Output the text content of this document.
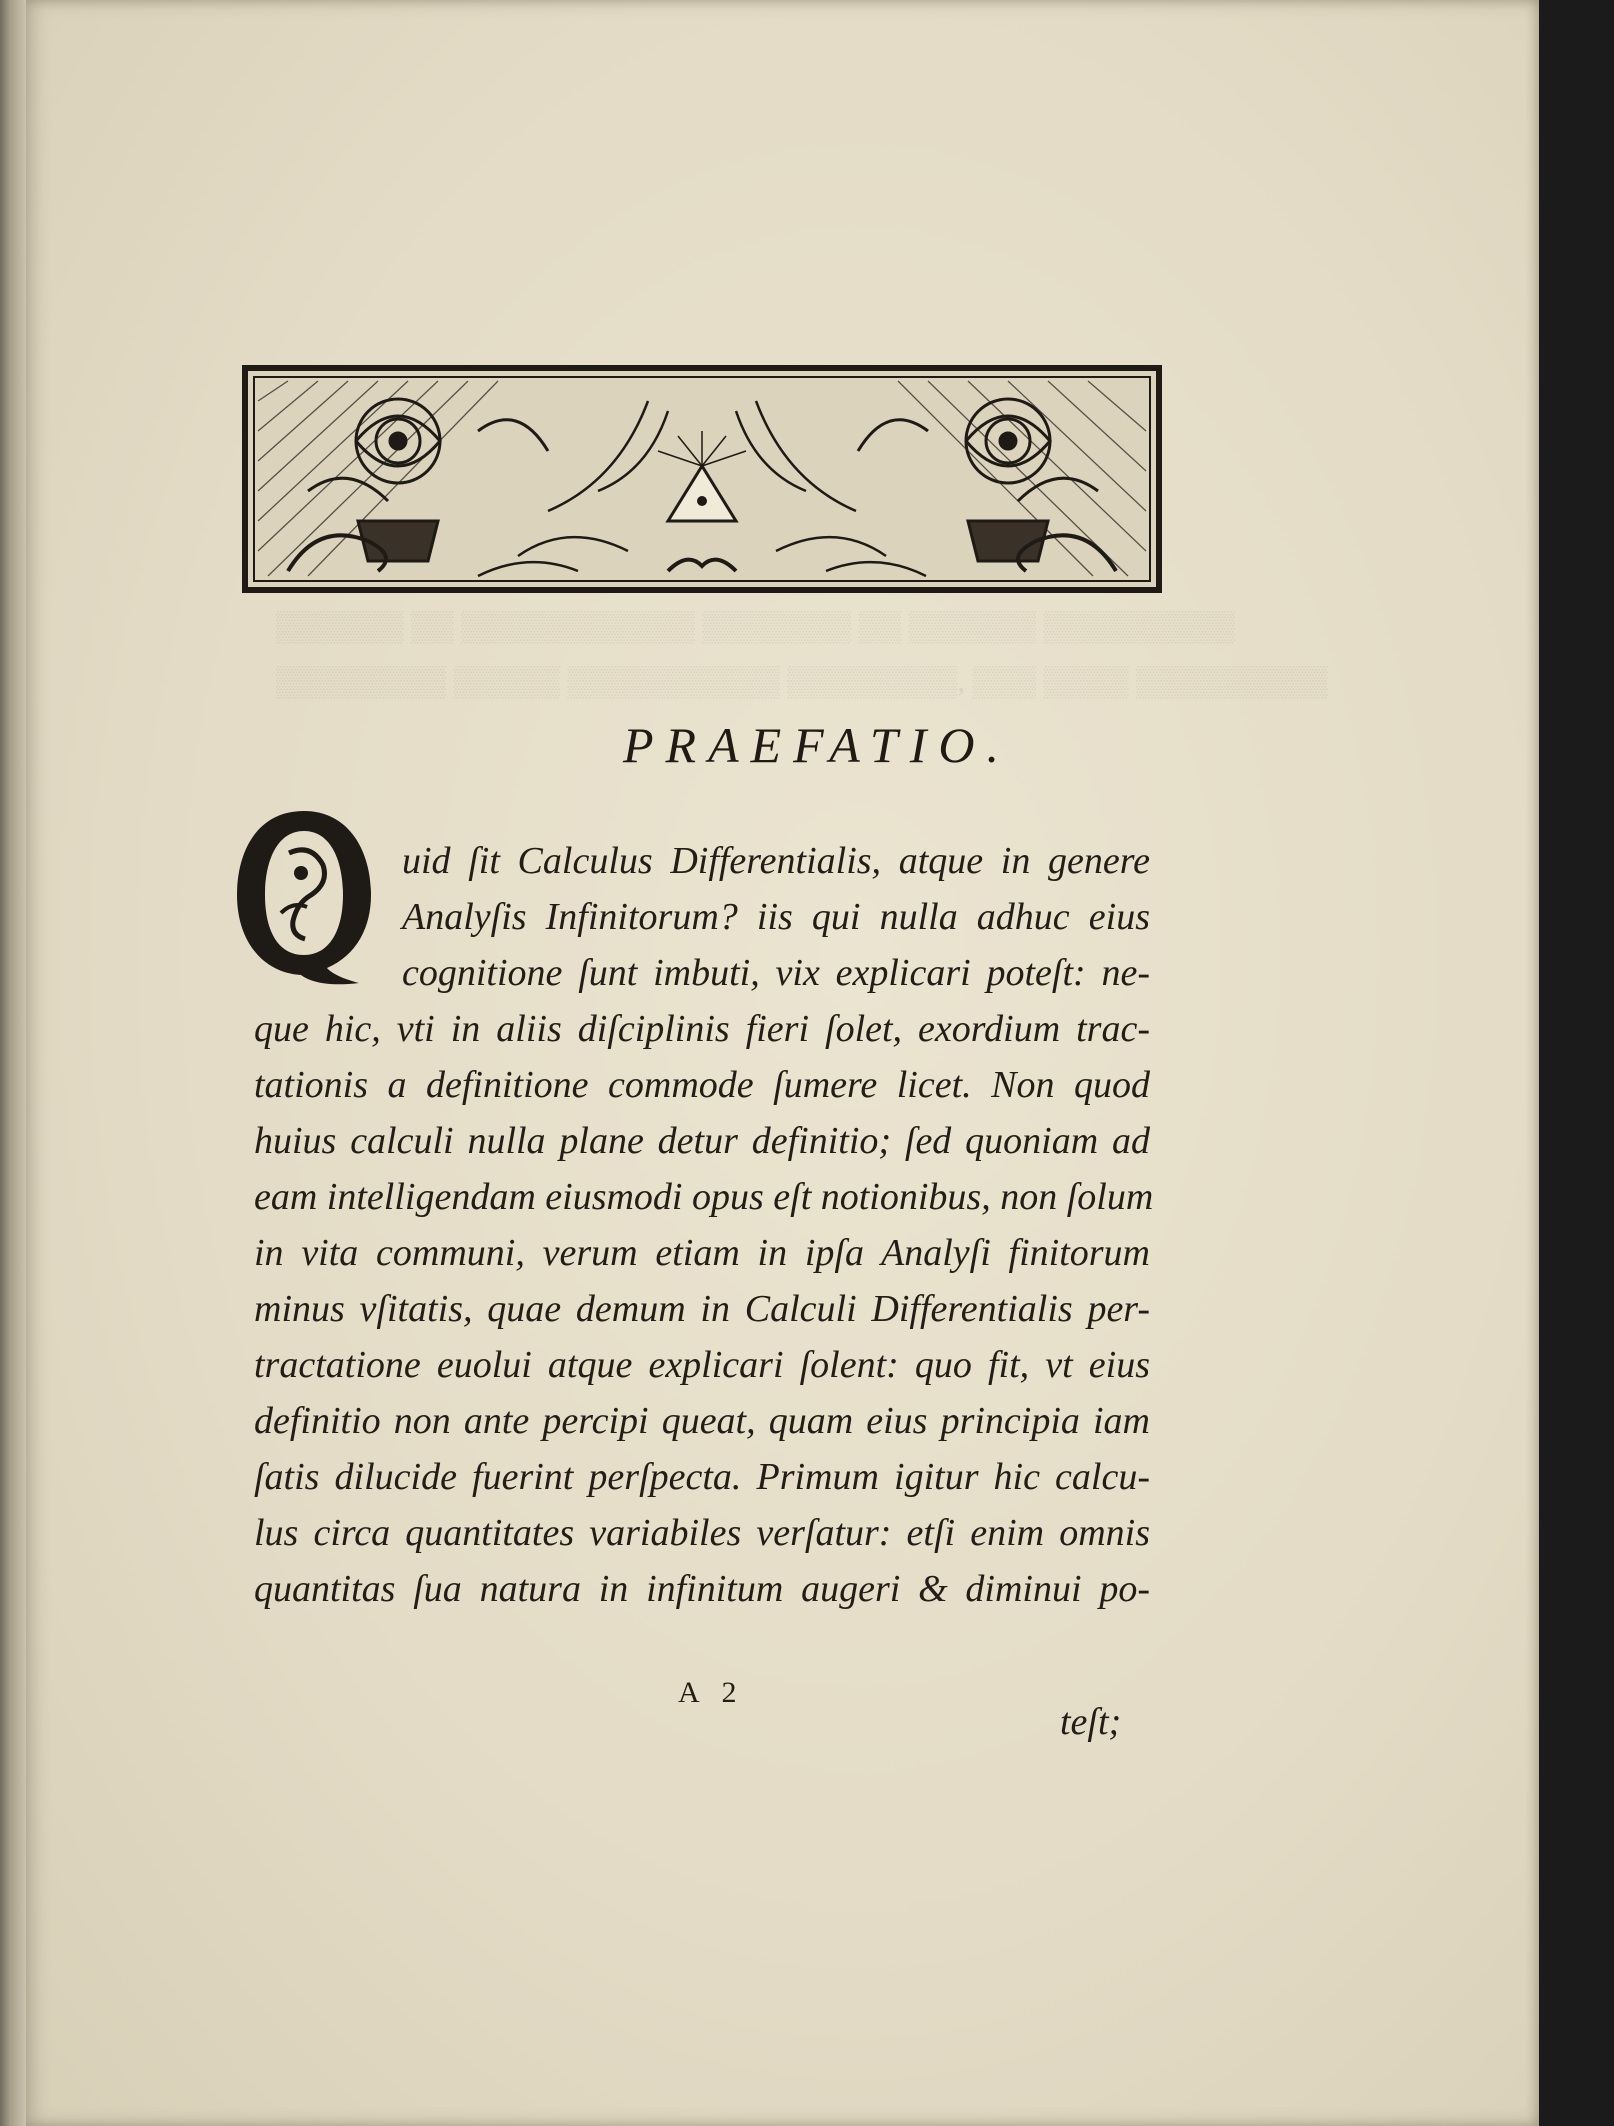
▒▒▒▒▒▒ ▒▒ ▒▒▒▒▒▒▒▒▒▒▒ ▒▒▒▒▒▒▒ ▒▒ ▒▒▒▒▒▒ ▒▒▒▒▒▒▒▒▒
▒▒▒▒▒▒▒▒ ▒▒▒▒▒ ▒▒▒▒▒▒▒▒▒▒ ▒▒▒▒▒▒▒▒, ▒▒▒ ▒▒▒▒ ▒▒▒▒▒▒▒▒▒
PRAEFATIO.
uid ſit Calculus Differentialis, atque in genere
Analyſis Infinitorum? iis qui nulla adhuc eius
cognitione ſunt imbuti, vix explicari poteſt: ne-
que hic, vti in aliis diſciplinis fieri ſolet, exordium trac-
tationis a definitione commode ſumere licet. Non quod
huius calculi nulla plane detur definitio; ſed quoniam ad
eam intelligendam eiusmodi opus eſt notionibus, non ſolum
in vita communi, verum etiam in ipſa Analyſi finitorum
minus vſitatis, quae demum in Calculi Differentialis per-
tractatione euolui atque explicari ſolent: quo fit, vt eius
definitio non ante percipi queat, quam eius principia iam
ſatis dilucide fuerint perſpecta. Primum igitur hic calcu-
lus circa quantitates variabiles verſatur: etſi enim omnis
quantitas ſua natura in infinitum augeri & diminui po-
A 2
teſt;
